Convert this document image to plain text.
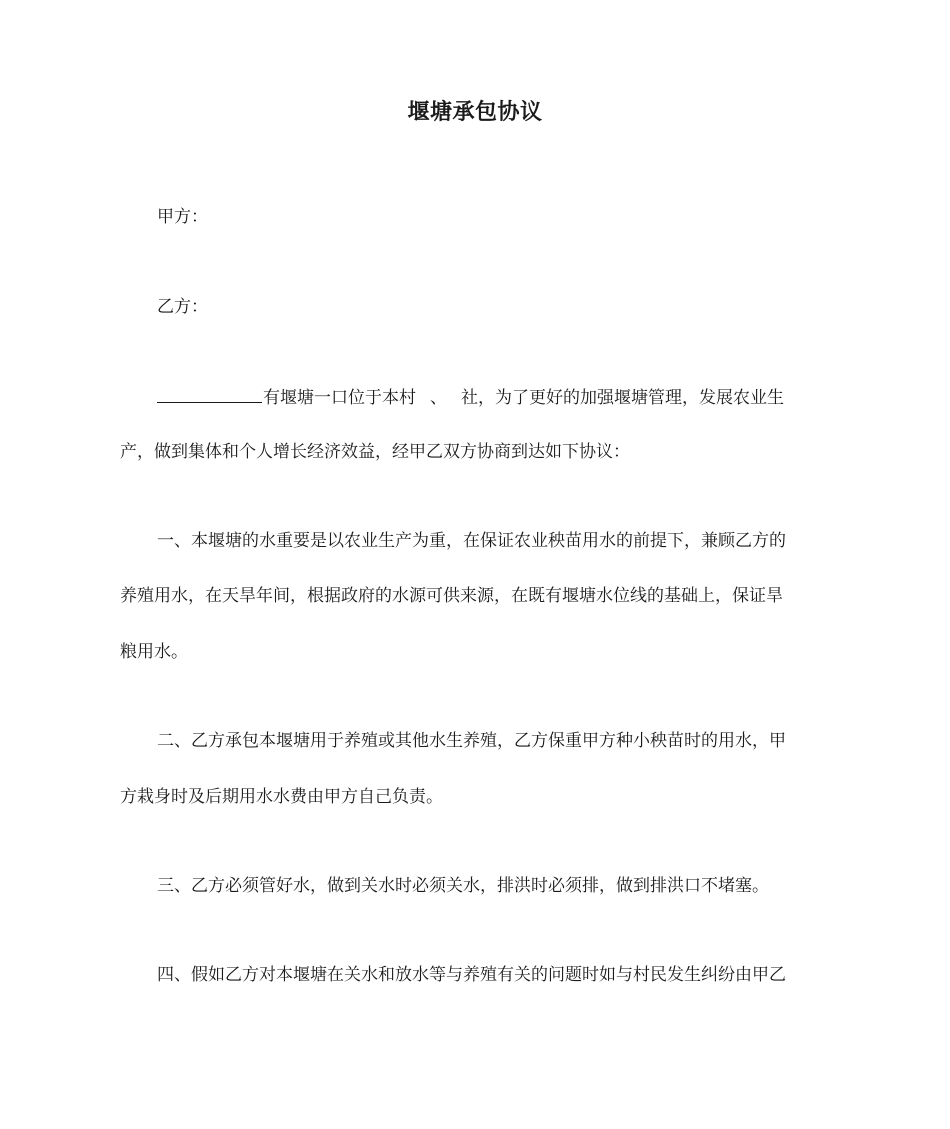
堰塘承包协议
甲方：
乙方：
有堰塘一口位于本村 、 社，为了更好的加强堰塘管理，发展农业生
产，做到集体和个人增长经济效益，经甲乙双方协商到达如下协议：
一、本堰塘的水重要是以农业生产为重，在保证农业秧苗用水的前提下，兼顾乙方的
养殖用水，在天旱年间，根据政府的水源可供来源，在既有堰塘水位线的基础上，保证旱
粮用水。
二、乙方承包本堰塘用于养殖或其他水生养殖，乙方保重甲方种小秧苗时的用水，甲
方栽身时及后期用水水费由甲方自己负责。
三、乙方必须管好水，做到关水时必须关水，排洪时必须排，做到排洪口不堵塞。
四、假如乙方对本堰塘在关水和放水等与养殖有关的问题时如与村民发生纠纷由甲乙
